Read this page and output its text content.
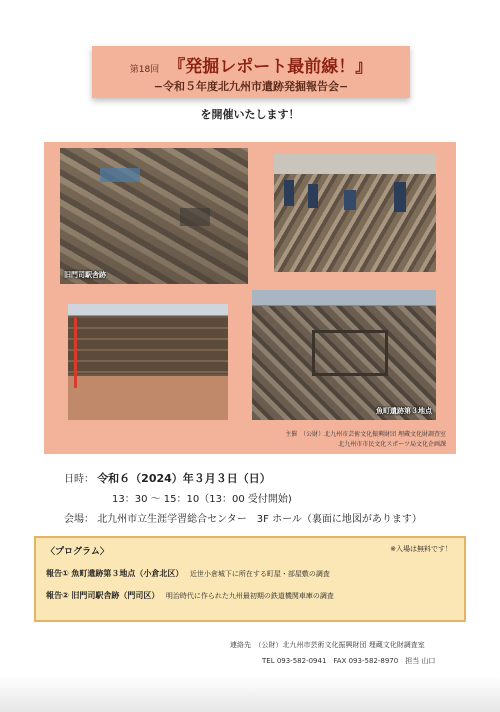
第18回 『発掘レポート最前線！』
−令和５年度北九州市遺跡発掘報告会−
を開催いたします！
旧門司駅舎跡
魚町遺跡第３地点
主催　（公財）北九州市芸術文化振興財団 埋蔵文化財調査室
北九州市市民文化スポーツ局文化企画課
日時： 令和６（2024）年３月３日（日）
13：30 〜 15：10（13：00 受付開始)
会場： 北九州市立生涯学習総合センター　3F ホール（裏面に地図があります）
〈プログラム〉	※入場は無料です！
報告① 魚町遺跡第３地点（小倉北区） 近世小倉城下に所在する町屋・部屋敷の調査
報告② 旧門司駅舎跡（門司区） 明治時代に作られた九州最初期の鉄道機関車庫の調査
連絡先　（公財）北九州市芸術文化振興財団 埋蔵文化財調査室
TEL 093-582-0941　FAX 093-582-8970　担当 山口
